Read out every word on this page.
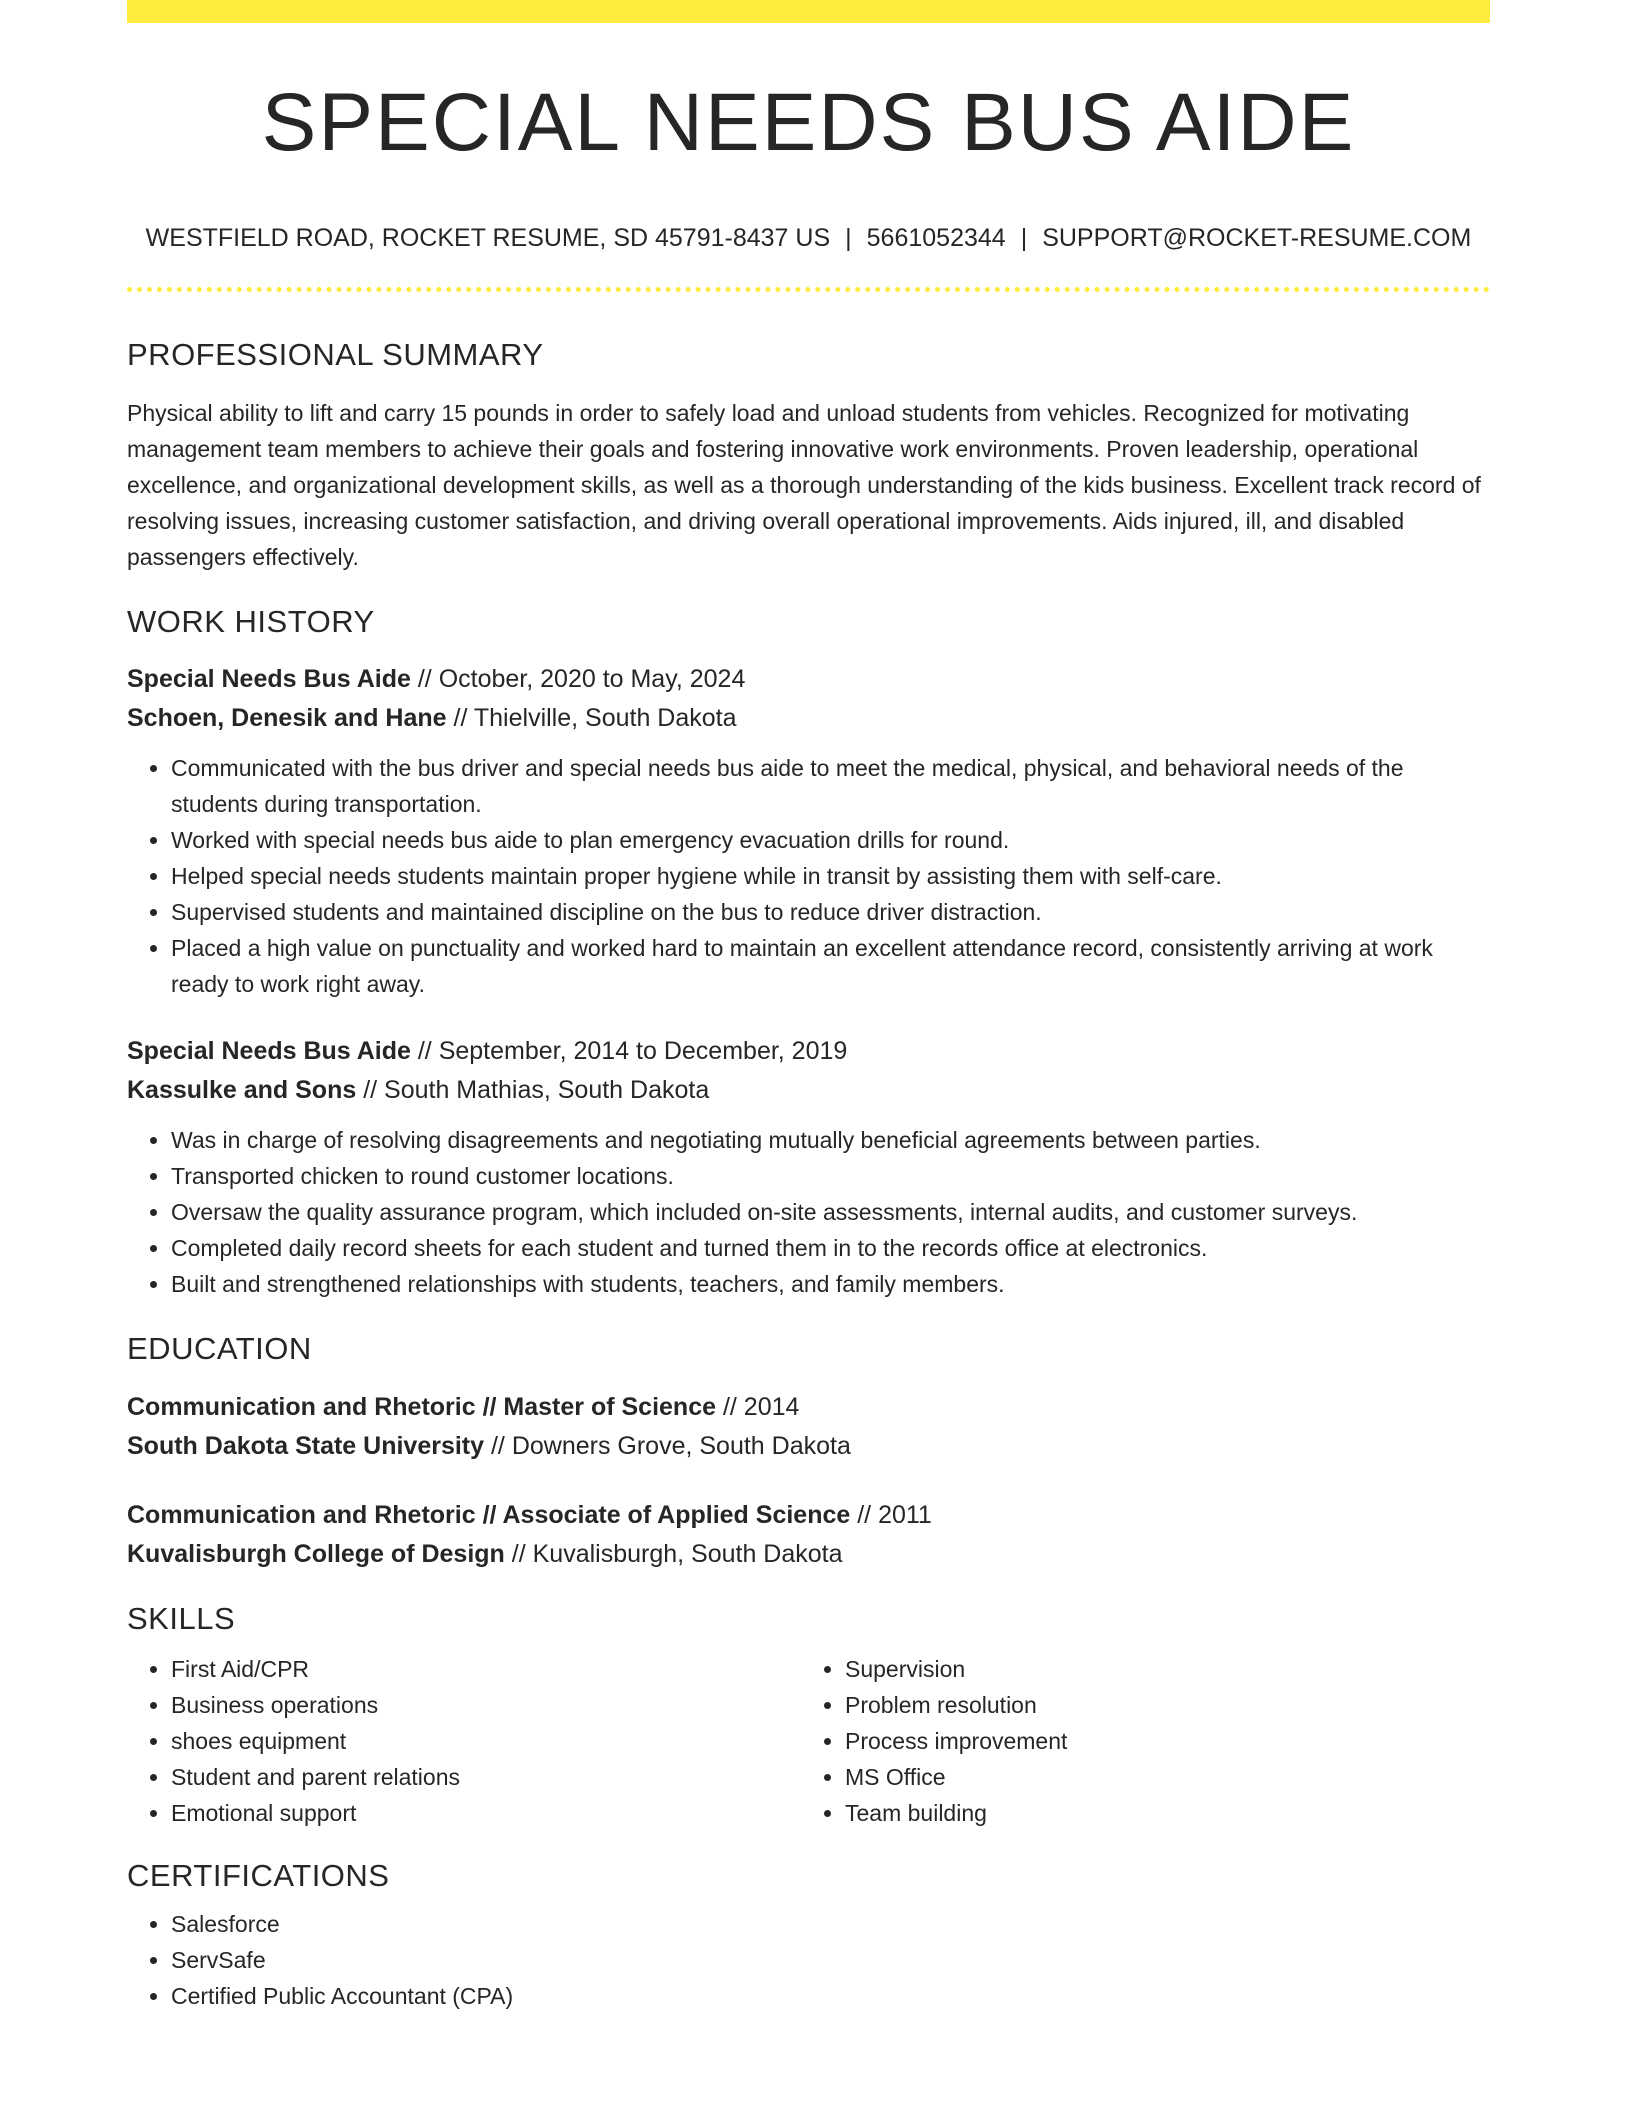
SPECIAL NEEDS BUS AIDE
WESTFIELD ROAD, ROCKET RESUME, SD 45791-8437 US | 5661052344 | SUPPORT@ROCKET-RESUME.COM
PROFESSIONAL SUMMARY
Physical ability to lift and carry 15 pounds in order to safely load and unload students from vehicles. Recognized for motivating management team members to achieve their goals and fostering innovative work environments. Proven leadership, operational excellence, and organizational development skills, as well as a thorough understanding of the kids business. Excellent track record of resolving issues, increasing customer satisfaction, and driving overall operational improvements. Aids injured, ill, and disabled passengers effectively.
WORK HISTORY
Special Needs Bus Aide // October, 2020 to May, 2024
Schoen, Denesik and Hane // Thielville, South Dakota
• Communicated with the bus driver and special needs bus aide to meet the medical, physical, and behavioral needs of the students during transportation.
• Worked with special needs bus aide to plan emergency evacuation drills for round.
• Helped special needs students maintain proper hygiene while in transit by assisting them with self-care.
• Supervised students and maintained discipline on the bus to reduce driver distraction.
• Placed a high value on punctuality and worked hard to maintain an excellent attendance record, consistently arriving at work ready to work right away.
Special Needs Bus Aide // September, 2014 to December, 2019
Kassulke and Sons // South Mathias, South Dakota
• Was in charge of resolving disagreements and negotiating mutually beneficial agreements between parties.
• Transported chicken to round customer locations.
• Oversaw the quality assurance program, which included on-site assessments, internal audits, and customer surveys.
• Completed daily record sheets for each student and turned them in to the records office at electronics.
• Built and strengthened relationships with students, teachers, and family members.
EDUCATION
Communication and Rhetoric // Master of Science // 2014
South Dakota State University // Downers Grove, South Dakota
Communication and Rhetoric // Associate of Applied Science // 2011
Kuvalisburgh College of Design // Kuvalisburgh, South Dakota
SKILLS
• First Aid/CPR
• Business operations
• shoes equipment
• Student and parent relations
• Emotional support
• Supervision
• Problem resolution
• Process improvement
• MS Office
• Team building
CERTIFICATIONS
• Salesforce
• ServSafe
• Certified Public Accountant (CPA)
